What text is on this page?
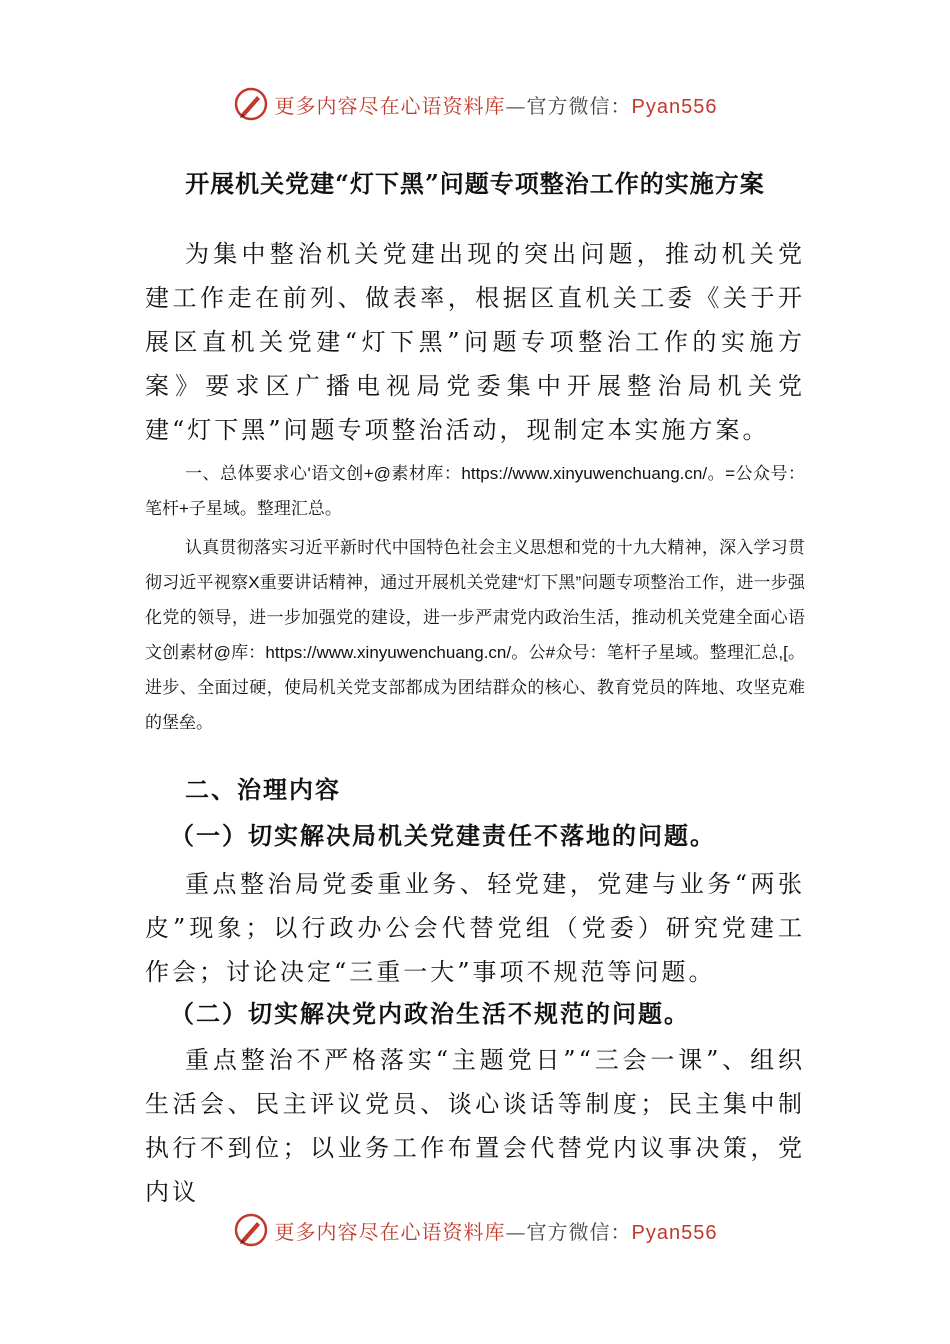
更多内容尽在心语资料库—官方微信：Pyan556
开展机关党建“灯下黑”问题专项整治工作的实施方案

为集中整治机关党建出现的突出问题，推动机关党建工作走在前列、做表率，根据区直机关工委《关于开展区直机关党建“灯下黑”问题专项整治工作的实施方案》要求区广播电视局党委集中开展整治局机关党建“灯下黑”问题专项整治活动，现制定本实施方案。

一、总体要求心'语文创+@素材库：https://www.xinyuwenchuang.cn/。=公众号：笔杆+子星域。整理汇总。

认真贯彻落实习近平新时代中国特色社会主义思想和党的十九大精神，深入学习贯彻习近平视察X重要讲话精神，通过开展机关党建“灯下黑”问题专项整治工作，进一步强化党的领导，进一步加强党的建设，进一步严肃党内政治生活，推动机关党建全面心语文创素材@库：https://www.xinyuwenchuang.cn/。公#众号：笔杆子星域。整理汇总,[。进步、全面过硬，使局机关党支部都成为团结群众的核心、教育党员的阵地、攻坚克难的堡垒。

二、治理内容
（一）切实解决局机关党建责任不落地的问题。

重点整治局党委重业务、轻党建，党建与业务“两张皮”现象；以行政办公会代替党组（党委）研究党建工作会；讨论决定“三重一大”事项不规范等问题。

（二）切实解决党内政治生活不规范的问题。

重点整治不严格落实“主题党日”“三会一课”、组织生活会、民主评议党员、谈心谈话等制度；民主集中制执行不到位；以业务工作布置会代替党内议事决策，党内议

更多内容尽在心语资料库—官方微信：Pyan556
